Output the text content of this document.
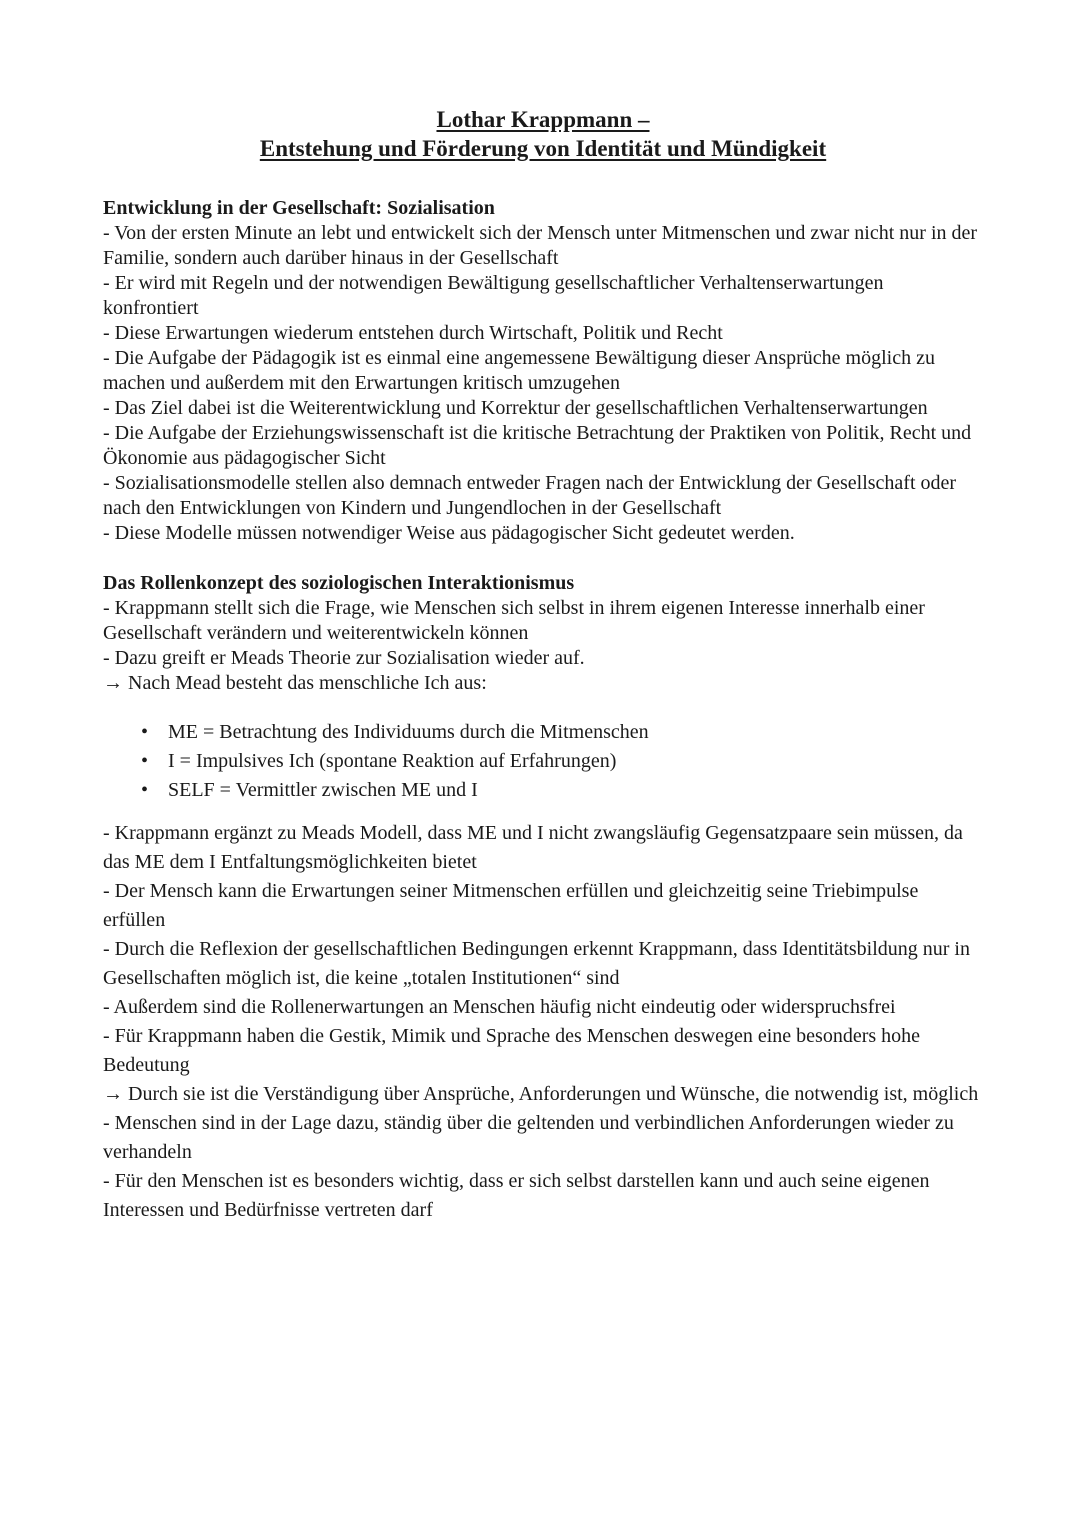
Lothar Krappmann –
Entstehung und Förderung von Identität und Mündigkeit

Entwicklung in der Gesellschaft: Sozialisation

- Von der ersten Minute an lebt und entwickelt sich der Mensch unter Mitmenschen und zwar nicht nur in der Familie, sondern auch darüber hinaus in der Gesellschaft

- Er wird mit Regeln und der notwendigen Bewältigung gesellschaftlicher Verhaltenserwartungen konfrontiert

- Diese Erwartungen wiederum entstehen durch Wirtschaft, Politik und Recht

- Die Aufgabe der Pädagogik ist es einmal eine angemessene Bewältigung dieser Ansprüche möglich zu machen und außerdem mit den Erwartungen kritisch umzugehen

- Das Ziel dabei ist die Weiterentwicklung und Korrektur der gesellschaftlichen Verhaltenserwartungen

- Die Aufgabe der Erziehungswissenschaft ist die kritische Betrachtung der Praktiken von Politik, Recht und Ökonomie aus pädagogischer Sicht

- Sozialisationsmodelle stellen also demnach entweder Fragen nach der Entwicklung der Gesellschaft oder nach den Entwicklungen von Kindern und Jungendlochen in der Gesellschaft

- Diese Modelle müssen notwendiger Weise aus pädagogischer Sicht gedeutet werden.

Das Rollenkonzept des soziologischen Interaktionismus

- Krappmann stellt sich die Frage, wie Menschen sich selbst in ihrem eigenen Interesse innerhalb einer Gesellschaft verändern und weiterentwickeln können

- Dazu greift er Meads Theorie zur Sozialisation wieder auf.

→ Nach Mead besteht das menschliche Ich aus:

• ME = Betrachtung des Individuums durch die Mitmenschen
• I = Impulsives Ich (spontane Reaktion auf Erfahrungen)
• SELF = Vermittler zwischen ME und I

- Krappmann ergänzt zu Meads Modell, dass ME und I nicht zwangsläufig Gegensatzpaare sein müssen, da das ME dem I Entfaltungsmöglichkeiten bietet

- Der Mensch kann die Erwartungen seiner Mitmenschen erfüllen und gleichzeitig seine Triebimpulse erfüllen

- Durch die Reflexion der gesellschaftlichen Bedingungen erkennt Krappmann, dass Identitätsbildung nur in Gesellschaften möglich ist, die keine „totalen Institutionen“ sind

- Außerdem sind die Rollenerwartungen an Menschen häufig nicht eindeutig oder widerspruchsfrei

- Für Krappmann haben die Gestik, Mimik und Sprache des Menschen deswegen eine besonders hohe Bedeutung

→ Durch sie ist die Verständigung über Ansprüche, Anforderungen und Wünsche, die notwendig ist, möglich

- Menschen sind in der Lage dazu, ständig über die geltenden und verbindlichen Anforderungen wieder zu verhandeln

- Für den Menschen ist es besonders wichtig, dass er sich selbst darstellen kann und auch seine eigenen Interessen und Bedürfnisse vertreten darf
